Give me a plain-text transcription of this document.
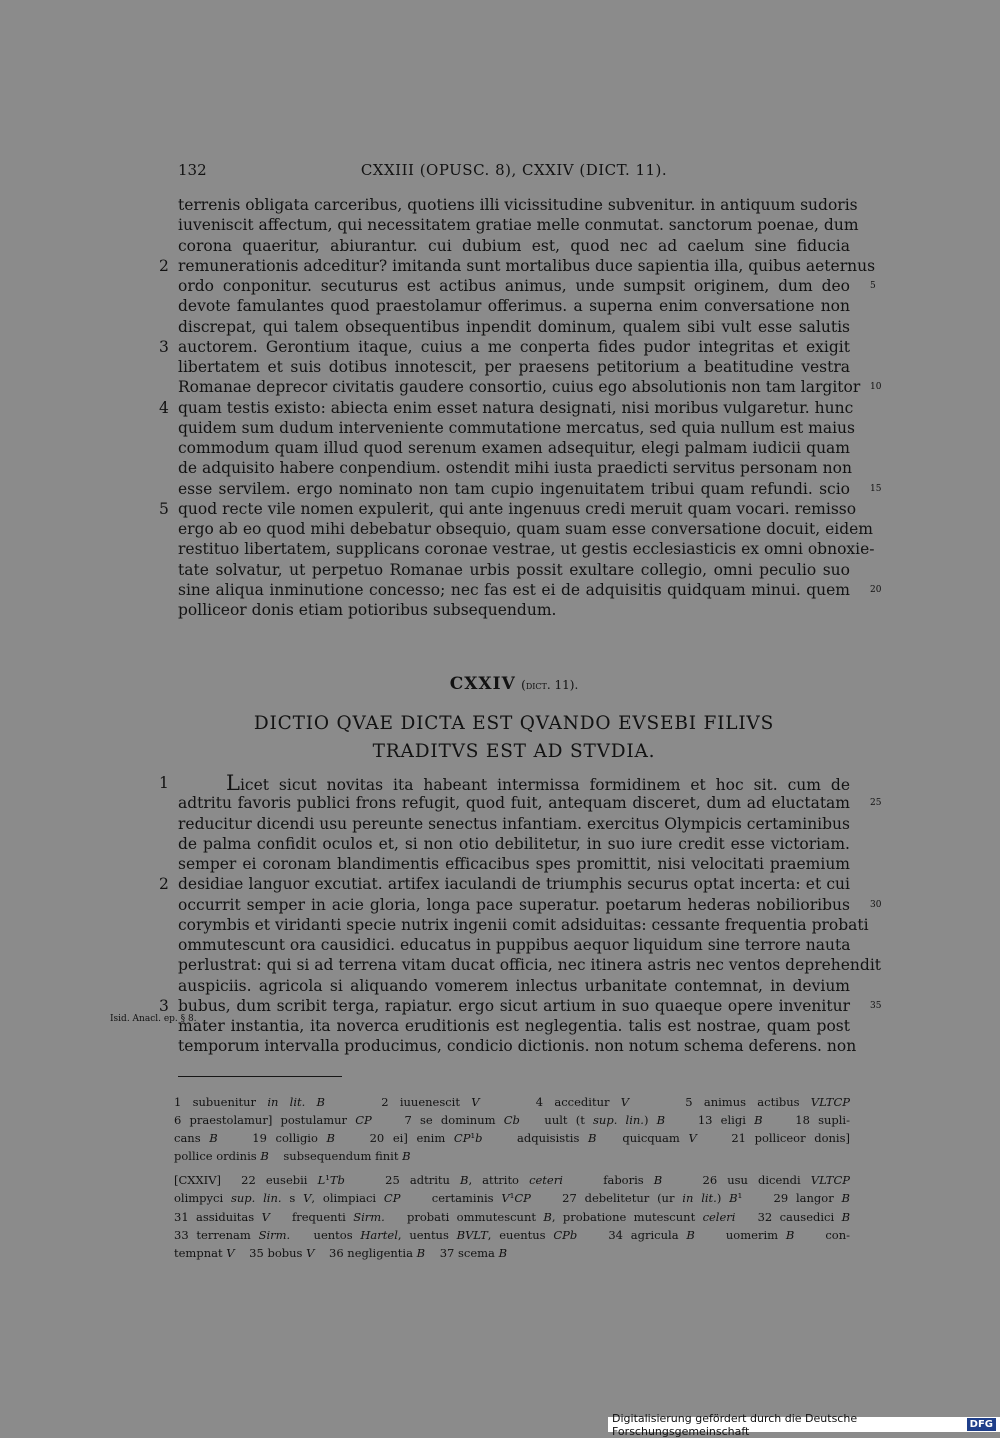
132	CXXIII (OPUSC. 8), CXXIV (DICT. 11).
terrenis obligata carceribus, quotiens illi vicissitudine subvenitur. in antiquum sudoris
iuveniscit affectum, qui necessitatem gratiae melle conmutat. sanctorum poenae, dum
corona quaeritur, abiurantur. cui dubium est, quod nec ad caelum sine fiducia
remunerationis adceditur? imitanda sunt mortalibus duce sapientia illa, quibus aeternus
2
ordo conponitur. secuturus est actibus animus, unde sumpsit originem, dum deo 5
devote famulantes quod praestolamur offerimus. a superna enim conversatione non
discrepat, qui talem obsequentibus inpendit dominum, qualem sibi vult esse salutis
auctorem. Gerontium itaque, cuius a me conperta fides pudor integritas et exigit
3
libertatem et suis dotibus innotescit, per praesens petitorium a beatitudine vestra
Romanae deprecor civitatis gaudere consortio, cuius ego absolutionis non tam largitor 10
quam testis existo: abiecta enim esset natura designati, nisi moribus vulgaretur. hunc
4
quidem sum dudum interveniente commutatione mercatus, sed quia nullum est maius
commodum quam illud quod serenum examen adsequitur, elegi palmam iudicii quam
de adquisito habere conpendium. ostendit mihi iusta praedicti servitus personam non
esse servilem. ergo nominato non tam cupio ingenuitatem tribui quam refundi. scio 15
quod recte vile nomen expulerit, qui ante ingenuus credi meruit quam vocari. remisso
5
ergo ab eo quod mihi debebatur obsequio, quam suam esse conversatione docuit, eidem
restituo libertatem, supplicans coronae vestrae, ut gestis ecclesiasticis ex omni obnoxie-
tate solvatur, ut perpetuo Romanae urbis possit exultare collegio, omni peculio suo
sine aliqua inminutione concesso; nec fas est ei de adquisitis quidquam minui. quem 20
polliceor donis etiam potioribus subsequendum.
CXXIV (dict. 11).
DICTIO QVAE DICTA EST QVANDO EVSEBI FILIVS
TRADITVS EST AD STVDIA.
1	Licet sicut novitas ita habeant intermissa formidinem et hoc sit. cum de
adtritu favoris publici frons refugit, quod fuit, antequam disceret, dum ad eluctatam 25
reducitur dicendi usu pereunte senectus infantiam. exercitus Olympicis certaminibus
de palma confidit oculos et, si non otio debilitetur, in suo iure credit esse victoriam.
semper ei coronam blandimentis efficacibus spes promittit, nisi velocitati praemium
desidiae languor excutiat. artifex iaculandi de triumphis securus optat incerta: et cui
2
occurrit semper in acie gloria, longa pace superatur. poetarum hederas nobilioribus 30
corymbis et viridanti specie nutrix ingenii comit adsiduitas: cessante frequentia probati
ommutescunt ora causidici. educatus in puppibus aequor liquidum sine terrore nauta
perlustrat: qui si ad terrena vitam ducat officia, nec itinera astris nec ventos deprehendit
auspiciis. agricola si aliquando vomerem inlectus urbanitate contemnat, in devium
bubus, dum scribit terga, rapiatur. ergo sicut artium in suo quaeque opere invenitur
3	35
mater instantia, ita noverca eruditionis est neglegentia. talis est nostrae, quam post
Isid. Anacl. ep. § 8.
temporum intervalla producimus, condicio dictionis. non notum schema deferens. non
1 subuenitur in lit. B     2 iuuenescit V     4 acceditur V     5 animus actibus VLTCP
6 praestolamur] postulamur CP    7 se dominum Cb   uult (t sup. lin.) B    13 eligi B    18 supli-
cans B    19 colligio B    20 ei] enim CP¹b    adquisistis B   quicquam V    21 polliceor donis]
pollice ordinis B    subsequendum finit B
[CXXIV]  22 eusebii L¹Tb    25 adtritu B, attrito ceteri    faboris B    26 usu dicendi VLTCP
olimpyci sup. lin. s V, olimpiaci CP    certaminis V¹CP    27 debelitetur (ur in lit.) B¹    29 langor B
31 assiduitas V   frequenti Sirm.   probati ommutescunt B, probatione mutescunt celeri   32 causedici B
33 terrenam Sirm.   uentos Hartel, uentus BVLT, euentus CPb    34 agricula B    uomerim B    con-
tempnat V    35 bobus V    36 negligentia B    37 scema B
Digitalisierung gefördert durch die Deutsche Forschungsgemeinschaft	DFG
